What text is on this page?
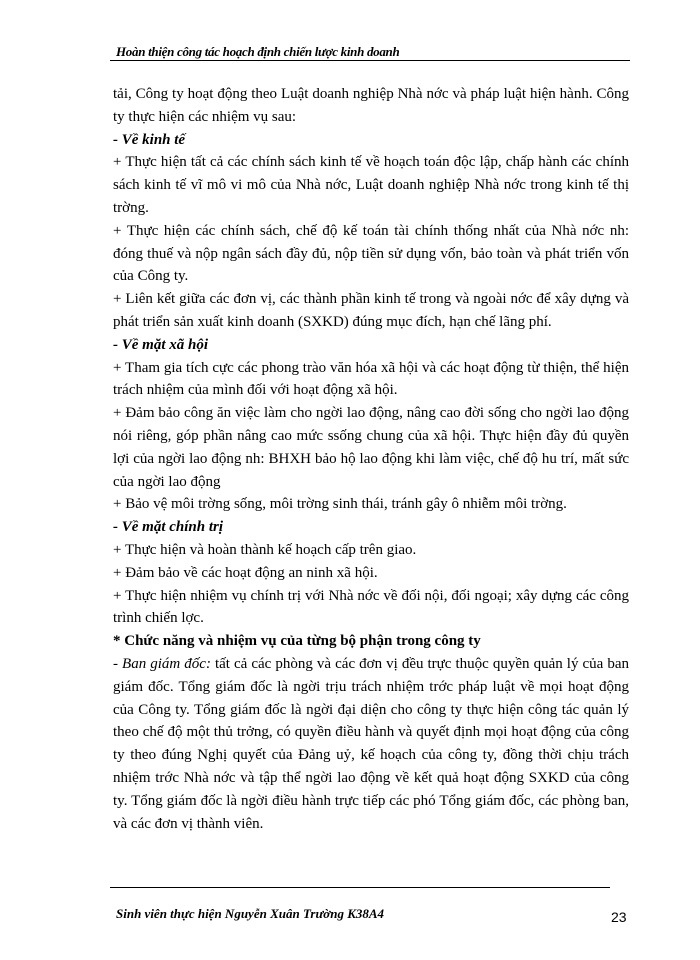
Hoàn thiện công tác hoạch định chiến lược kinh doanh

tải, Công ty hoạt động theo Luật doanh nghiệp Nhà nớc và pháp luật hiện hành. Công ty thực hiện các nhiệm vụ sau:

- Về kinh tế

+ Thực hiện tất cả các chính sách kinh tế về hoạch toán độc lập, chấp hành các chính sách kinh tế vĩ mô vi mô của Nhà nớc, Luật doanh nghiệp Nhà nớc trong kinh tế thị trờng.

+ Thực hiện các chính sách, chế độ kế toán tài chính thống nhất của Nhà nớc nh: đóng thuế và nộp ngân sách đầy đủ, nộp tiền sử dụng vốn, bảo toàn và phát triển vốn của Công ty.

+ Liên kết giữa các đơn vị, các thành phần kinh tế trong và ngoài nớc để xây dựng và phát triển sản xuất kinh doanh (SXKD) đúng mục đích, hạn chế lãng phí.

- Về mặt xã hội

+ Tham gia tích cực các phong trào văn hóa xã hội và các hoạt động từ thiện, thể hiện trách nhiệm của mình đối với hoạt động xã hội.

+ Đảm bảo công ăn việc làm cho ngời lao động, nâng cao đời sống cho ngời lao động nói riêng, góp phần nâng cao mức ssống chung của xã hội. Thực hiện đầy đủ quyền lợi của ngời lao động nh: BHXH bảo hộ lao động khi làm việc, chế độ hu trí, mất sức của ngời lao động

+ Bảo vệ môi trờng sống, môi trờng sinh thái, tránh gây ô nhiễm môi trờng.

- Về mặt chính trị

+ Thực hiện và hoàn thành kế hoạch cấp trên giao.

+ Đảm bảo về các hoạt động an ninh xã hội.

+ Thực hiện nhiệm vụ chính trị với Nhà nớc về đối nội, đối ngoại; xây dựng các công trình chiến lợc.

* Chức năng và nhiệm vụ của từng bộ phận trong công ty

- Ban giám đốc: tất cả các phòng và các đơn vị đều trực thuộc quyền quản lý của ban giám đốc. Tổng giám đốc là ngời trịu trách nhiệm trớc pháp luật về mọi hoạt động của Công ty. Tổng giám đốc là ngời đại diện cho công ty thực hiện công tác quản lý theo chế độ một thủ trởng, có quyền điều hành và quyết định mọi hoạt động của công ty theo đúng Nghị quyết của Đảng uỷ, kế hoạch của công ty, đồng thời chịu trách nhiệm trớc Nhà nớc và tập thể ngời lao động về kết quả hoạt động SXKD của công ty. Tổng giám đốc là ngời điều hành trực tiếp các phó Tổng giám đốc, các phòng ban, và các đơn vị thành viên.

Sinh viên thực hiện Nguyễn Xuân Trường K38A4	23
